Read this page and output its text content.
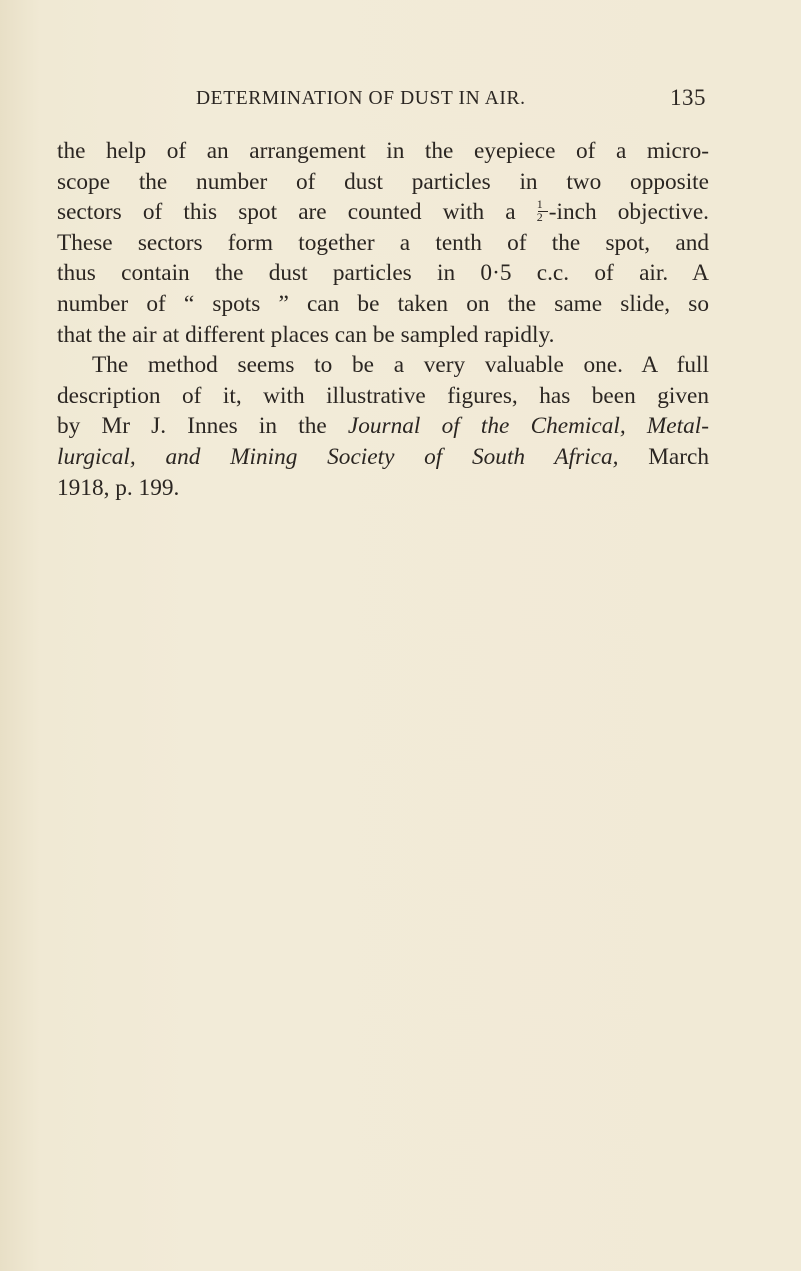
DETERMINATION OF DUST IN AIR.	135
the help of an arrangement in the eyepiece of a micro-
scope the number of dust particles in two opposite
sectors of this spot are counted with a $\frac{1}{2}$ -inch objective.
These sectors form together a tenth of the spot, and
thus contain the dust particles in 0·5 c.c. of air. A
number of “ spots ” can be taken on the same slide, so
that the air at different places can be sampled rapidly.
The method seems to be a very valuable one. A full
description of it, with illustrative figures, has been given
by Mr J. Innes in the Journal of the Chemical, Metal-
lurgical, and Mining Society of South Africa, March
1918, p. 199.
